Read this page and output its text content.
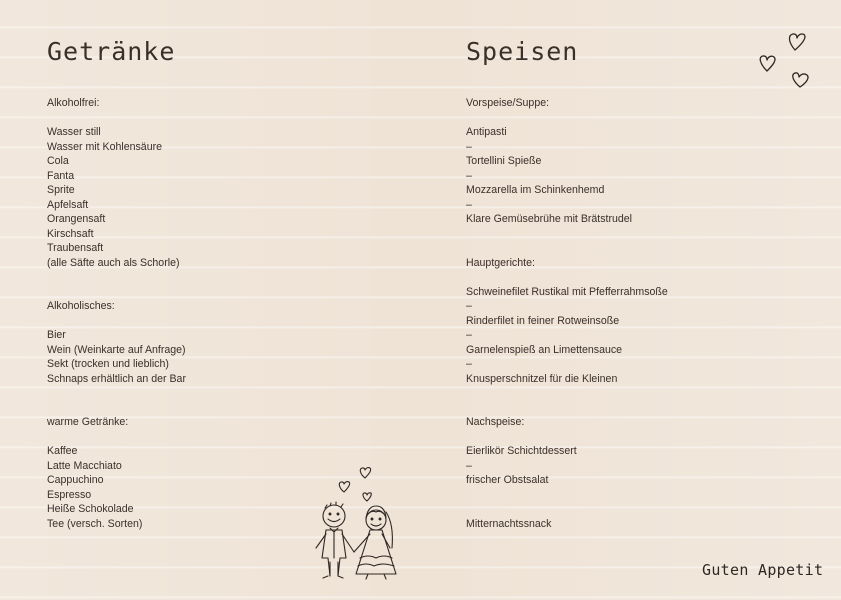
Getränke	Speisen
Alkoholfrei:
Wasser still
Wasser mit Kohlensäure
Cola
Fanta
Sprite
Apfelsaft
Orangensaft
Kirschsaft
Traubensaft
(alle Säfte auch als Schorle)
Alkoholisches:
Bier
Wein (Weinkarte auf Anfrage)
Sekt (trocken und lieblich)
Schnaps erhältlich an der Bar
warme Getränke:
Kaffee
Latte Macchiato
Cappuchino
Espresso
Heiße Schokolade
Tee (versch. Sorten)
Vorspeise/Suppe:
Antipasti
–
Tortellini Spieße
–
Mozzarella im Schinkenhemd
–
Klare Gemüsebrühe mit Brätstrudel
Hauptgerichte:
Schweinefilet Rustikal mit Pfefferrahmsoße
–
Rinderfilet in feiner Rotweinsoße
–
Garnelenspieß an Limettensauce
–
Knusperschnitzel für die Kleinen
Nachspeise:
Eierlikör Schichtdessert
–
frischer Obstsalat
Mitternachtssnack
Guten Appetit
